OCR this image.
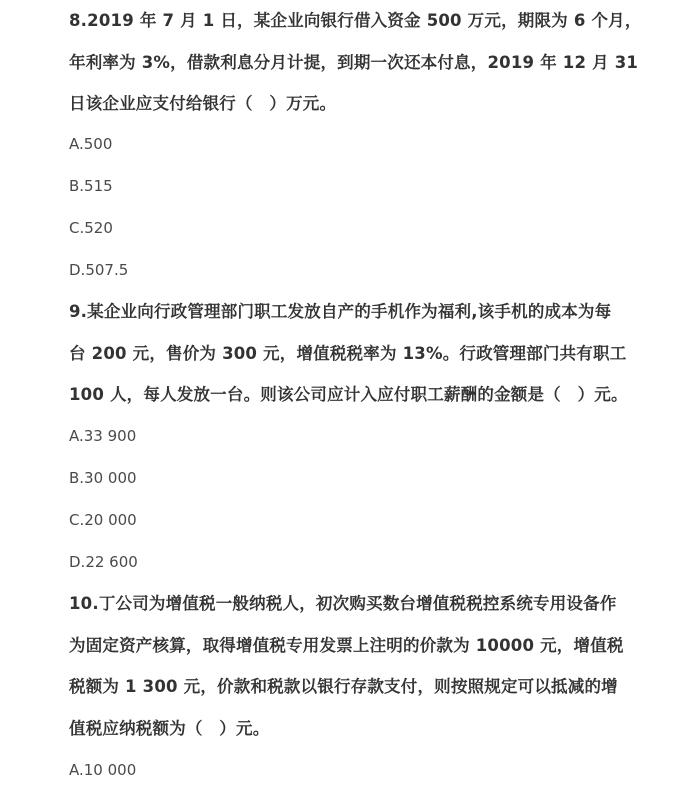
8.2019 年 7 月 1 日，某企业向银行借入资金 500 万元，期限为 6 个月，
年利率为 3%，借款利息分月计提，到期一次还本付息，2019 年 12 月 31
日该企业应支付给银行（　）万元。

A.500

B.515

C.520

D.507.5

9.某企业向行政管理部门职工发放自产的手机作为福利,该手机的成本为每
台 200 元，售价为 300 元，增值税税率为 13%。行政管理部门共有职工
100 人，每人发放一台。则该公司应计入应付职工薪酬的金额是（　）元。

A.33 900

B.30 000

C.20 000

D.22 600

10.丁公司为增值税一般纳税人，初次购买数台增值税税控系统专用设备作
为固定资产核算，取得增值税专用发票上注明的价款为 10000 元，增值税
税额为 1 300 元，价款和税款以银行存款支付，则按照规定可以抵减的增
值税应纳税额为（　）元。

A.10 000
